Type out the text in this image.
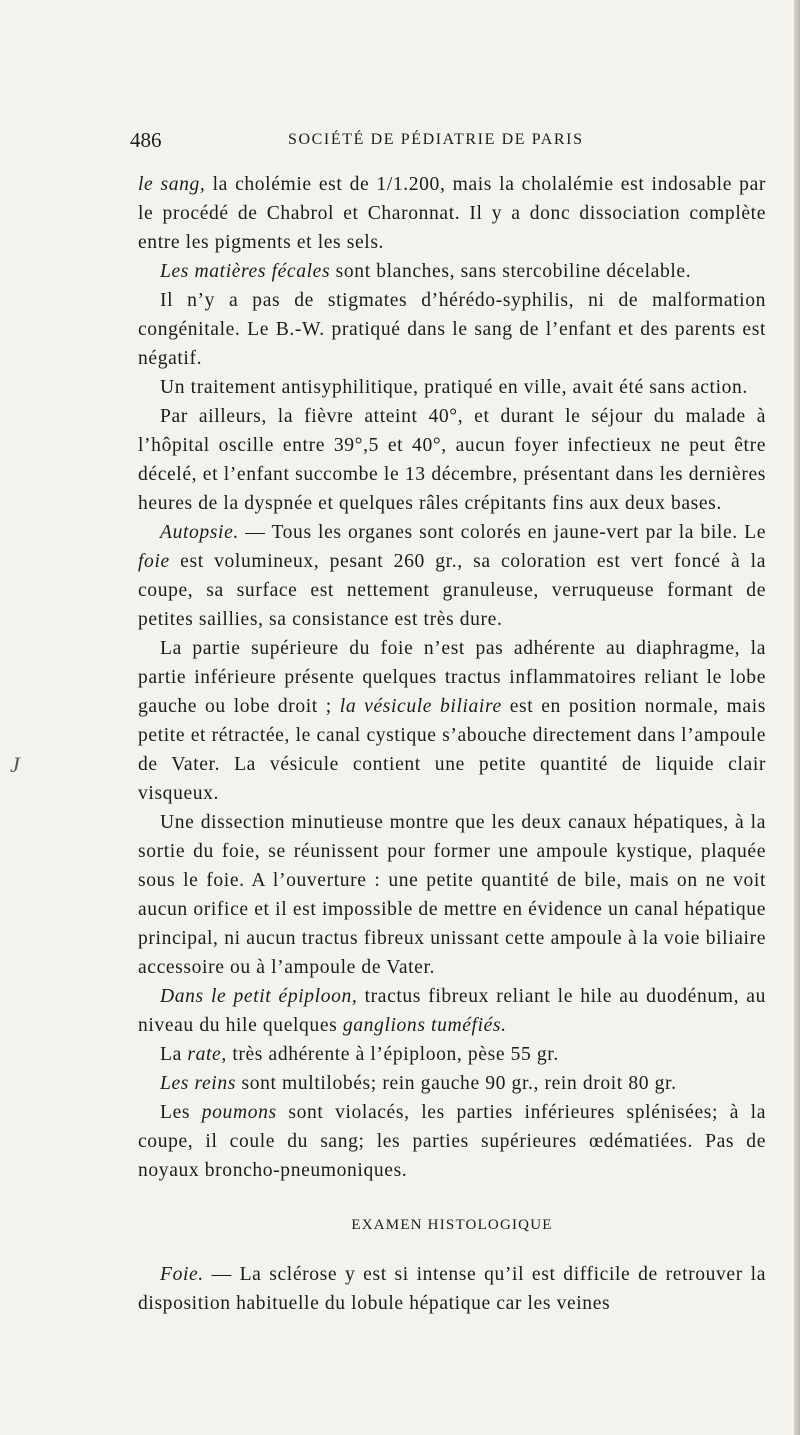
J
486	SOCIÉTÉ DE PÉDIATRIE DE PARIS

le sang, la cholémie est de 1/1.200, mais la cholalémie est indosable par le procédé de Chabrol et Charonnat. Il y a donc dissociation complète entre les pigments et les sels.

Les matières fécales sont blanches, sans stercobiline décelable.

Il n’y a pas de stigmates d’hérédo-syphilis, ni de malformation congénitale. Le B.-W. pratiqué dans le sang de l’enfant et des parents est négatif.

Un traitement antisyphilitique, pratiqué en ville, avait été sans action.

Par ailleurs, la fièvre atteint 40°, et durant le séjour du malade à l’hôpital oscille entre 39°,5 et 40°, aucun foyer infectieux ne peut être décelé, et l’enfant succombe le 13 décembre, présentant dans les dernières heures de la dyspnée et quelques râles crépitants fins aux deux bases.

Autopsie. — Tous les organes sont colorés en jaune-vert par la bile. Le foie est volumineux, pesant 260 gr., sa coloration est vert foncé à la coupe, sa surface est nettement granuleuse, verruqueuse formant de petites saillies, sa consistance est très dure.

La partie supérieure du foie n’est pas adhérente au diaphragme, la partie inférieure présente quelques tractus inflammatoires reliant le lobe gauche ou lobe droit ; la vésicule biliaire est en position normale, mais petite et rétractée, le canal cystique s’abouche directement dans l’ampoule de Vater. La vésicule contient une petite quantité de liquide clair visqueux.

Une dissection minutieuse montre que les deux canaux hépatiques, à la sortie du foie, se réunissent pour former une ampoule kystique, plaquée sous le foie. A l’ouverture : une petite quantité de bile, mais on ne voit aucun orifice et il est impossible de mettre en évidence un canal hépatique principal, ni aucun tractus fibreux unissant cette ampoule à la voie biliaire accessoire ou à l’ampoule de Vater.

Dans le petit épiploon, tractus fibreux reliant le hile au duodénum, au niveau du hile quelques ganglions tuméfiés.

La rate, très adhérente à l’épiploon, pèse 55 gr.

Les reins sont multilobés; rein gauche 90 gr., rein droit 80 gr.

Les poumons sont violacés, les parties inférieures splénisées; à la coupe, il coule du sang; les parties supérieures œdématiées. Pas de noyaux broncho-pneumoniques.

EXAMEN HISTOLOGIQUE

Foie. — La sclérose y est si intense qu’il est difficile de retrouver la disposition habituelle du lobule hépatique car les veines
